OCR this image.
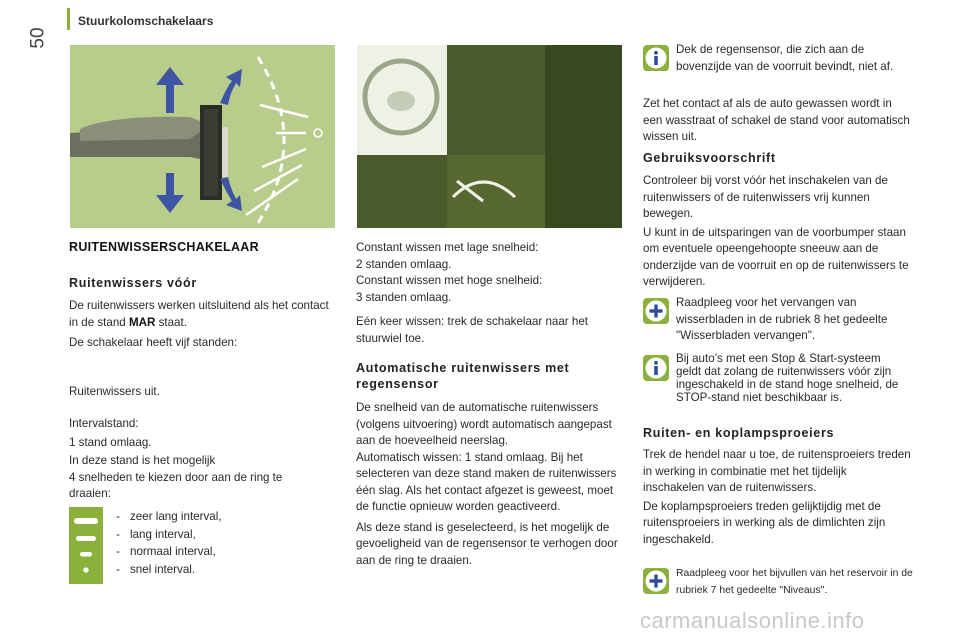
50
Stuurkolomschakelaars
RUITENWISSERSCHAKELAAR
Ruitenwissers vóór

De ruitenwissers werken uitsluitend als het contact in de stand MAR staat.

De schakelaar heeft vijf standen:

Ruitenwissers uit.

Intervalstand:

1 stand omlaag.

In deze stand is het mogelijk

4 snelheden te kiezen door aan de ring te

draaien:

- zeer lang interval,
- lang interval,
- normaal interval,
- snel interval.

Constant wissen met lage snelheid:

2 standen omlaag.

Constant wissen met hoge snelheid:

3 standen omlaag.

Eén keer wissen: trek de schakelaar naar het stuurwiel toe.
Automatische ruitenwissers met regensensor

De snelheid van de automatische ruitenwissers (volgens uitvoering) wordt automatisch aangepast aan de hoeveelheid neerslag.

Automatisch wissen: 1 stand omlaag. Bij het selecteren van deze stand maken de ruitenwissers één slag. Als het contact afgezet is geweest, moet de functie opnieuw worden geactiveerd.

Als deze stand is geselecteerd, is het mogelijk de gevoeligheid van de regensensor te verhogen door aan de ring te draaien.

Dek de regensensor, die zich aan de bovenzijde van de voorruit bevindt, niet af.
Zet het contact af als de auto gewassen wordt in een wasstraat of schakel de stand voor automatisch wissen uit.
Gebruiksvoorschrift

Controleer bij vorst vóór het inschakelen van de ruitenwissers of de ruitenwissers vrij kunnen bewegen.

U kunt in de uitsparingen van de voorbumper staan om eventuele opeengehoopte sneeuw aan de onderzijde van de voorruit en op de ruitenwissers te verwijderen.

Raadpleeg voor het vervangen van wisserbladen in de rubriek 8 het gedeelte "Wisserbladen vervangen".
Bij auto’s met een Stop & Start-systeem geldt dat zolang de ruitenwissers vóór zijn ingeschakeld in de stand hoge snelheid, de STOP-stand niet beschikbaar is.
Ruiten- en koplampsproeiers

Trek de hendel naar u toe, de ruitensproeiers treden in werking in combinatie met het tijdelijk inschakelen van de ruitenwissers.

De koplampsproeiers treden gelijktijdig met de ruitensproeiers in werking als de dimlichten zijn ingeschakeld.

Raadpleeg voor het bijvullen van het reservoir in de rubriek 7 het gedeelte "Niveaus".
carmanualsonline.info
